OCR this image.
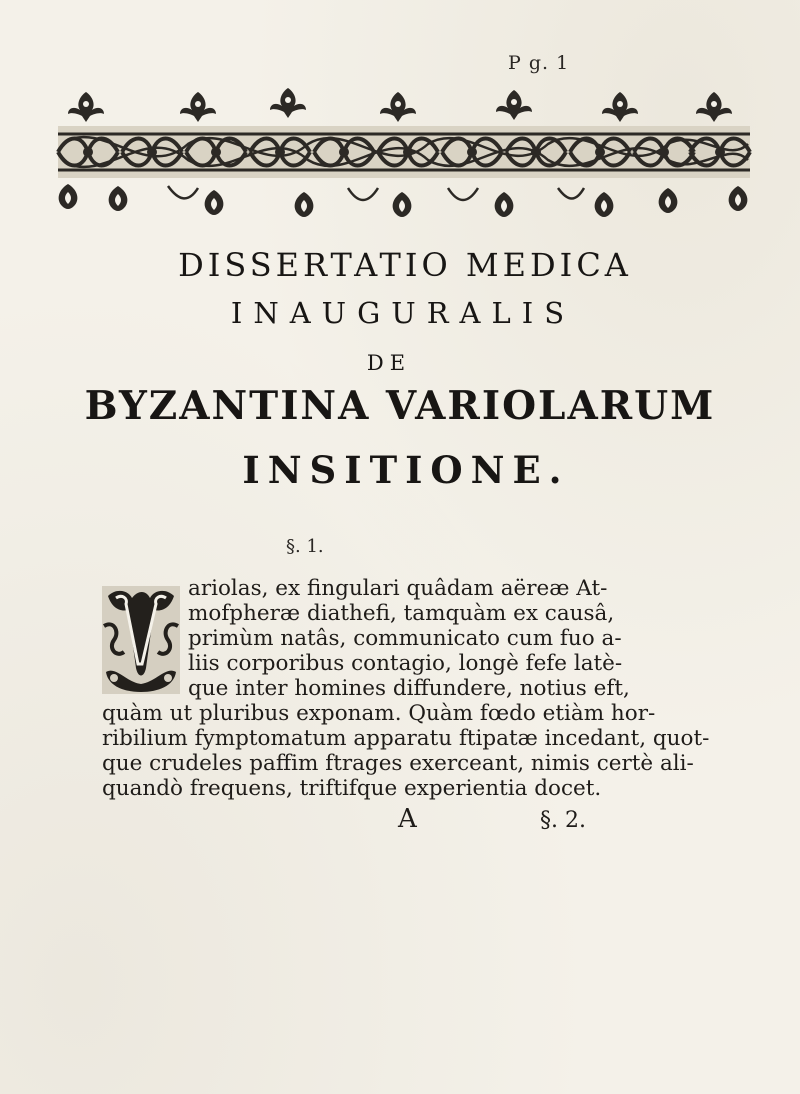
P g. 1
DISSERTATIO MEDICA
INAUGURALIS
DE
BYZANTINA VARIOLARUM
INSITIONE.
§. 1.
ariolas, ex fingulari quâdam aëreæ At-
mofpheræ diathefi, tamquàm ex causâ,
primùm natâs, communicato cum fuo a-
liis corporibus contagio, longè fefe latè-
que inter homines diffundere, notius eft,
quàm ut pluribus exponam. Quàm fœdo etiàm hor-
ribilium fymptomatum apparatu ftipatæ incedant, quot-
que crudeles paffim ftrages exerceant, nimis certè ali-
quandò frequens, triftifque experientia docet.
A	§. 2.
